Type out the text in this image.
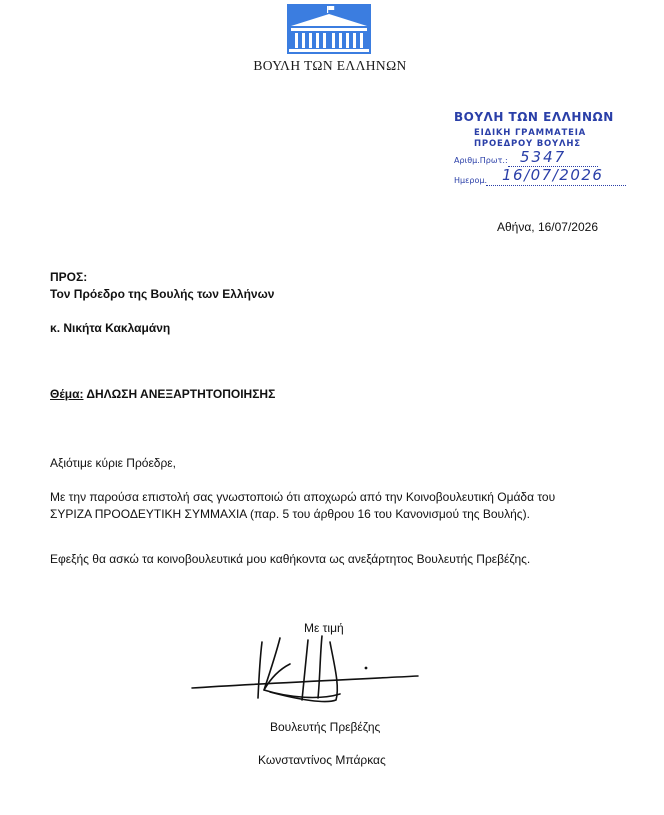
ΒΟΥΛΗ ΤΩΝ ΕΛΛΗΝΩΝ
ΒΟΥΛΗ ΤΩΝ ΕΛΛΗΝΩΝ
ΕΙΔΙΚΗ ΓΡΑΜΜΑΤΕΙΑ
ΠΡΟΕΔΡΟΥ ΒΟΥΛΗΣ
Αριθμ.Πρωτ.: 5347
Ημερομ. 16/07/2026
Αθήνα, 16/07/2026
ΠΡΟΣ:
Τον Πρόεδρο της Βουλής των Ελλήνων
κ. Νικήτα Κακλαμάνη
Θέμα: ΔΗΛΩΣΗ ΑΝΕΞΑΡΤΗΤΟΠΟΙΗΣΗΣ
Αξιότιμε κύριε Πρόεδρε,
Με την παρούσα επιστολή σας γνωστοποιώ ότι αποχωρώ από την Κοινοβουλευτική Ομάδα του
ΣΥΡΙΖΑ ΠΡΟΟΔΕΥΤΙΚΗ ΣΥΜΜΑΧΙΑ (παρ. 5 του άρθρου 16 του Κανονισμού της Βουλής).
Εφεξής θα ασκώ τα κοινοβουλευτικά μου καθήκοντα ως ανεξάρτητος Βουλευτής Πρεβέζης.
Με τιμή
Βουλευτής Πρεβέζης
Κωνσταντίνος Μπάρκας
